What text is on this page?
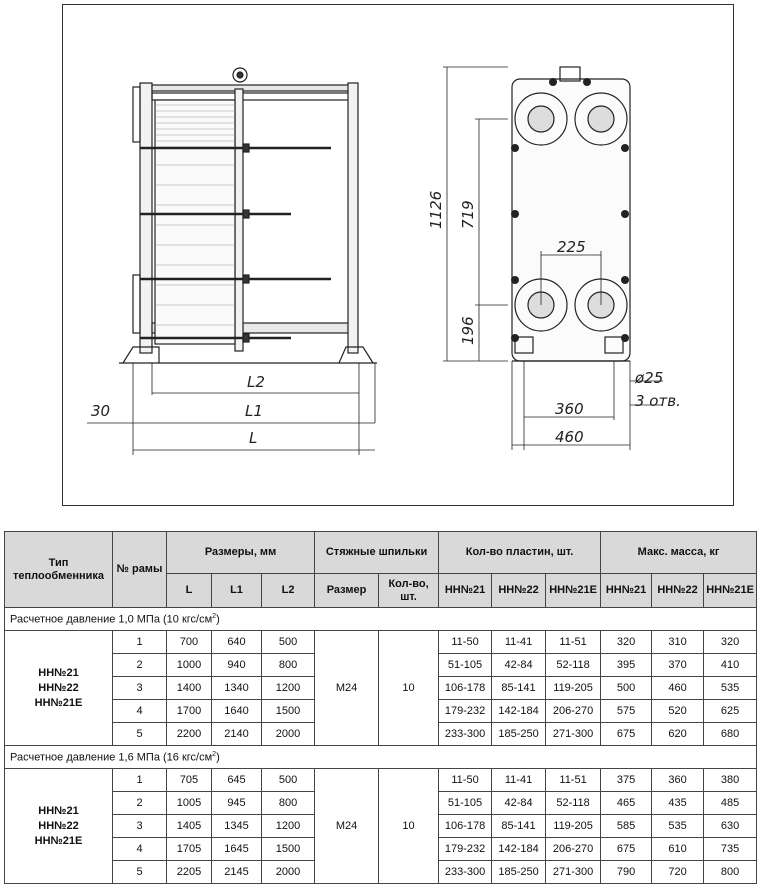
L2
L1
L
30
1126 719
196
225
360
460
ø25
3 отв.
Тип теплообменника	№ рамы	Размеры, мм			Стяжные шпильки		Кол-во пластин, шт.			Макс. масса, кг		
		L	L1	L2	Размер	Кол-во, шт.	НН№21	НН№22	НН№21Е	НН№21	НН№22	НН№21Е
Расчетное давление 1,0 МПа (10 кгс/$см^2$)												

НН№21
НН№22
НН№21Е	1	700	640	500	М24	10	11-50	11-41	11-51	320	310	320
	2	1000	940	800			51-105	42-84	52-118	395	370	410
	3	1400	1340	1200			106-178	85-141	119-205	500	460	535
	4	1700	1640	1500			179-232	142-184	206-270	575	520	625
	5	2200	2140	2000			233-300	185-250	271-300	675	620	680
Расчетное давление 1,6 МПа (16 кгс/$см^2$)												

НН№21
НН№22
НН№21Е	1	705	645	500	М24	10	11-50	11-41	11-51	375	360	380
	2	1005	945	800			51-105	42-84	52-118	465	435	485
	3	1405	1345	1200			106-178	85-141	119-205	585	535	630
	4	1705	1645	1500			179-232	142-184	206-270	675	610	735
	5	2205	2145	2000			233-300	185-250	271-300	790	720	800
